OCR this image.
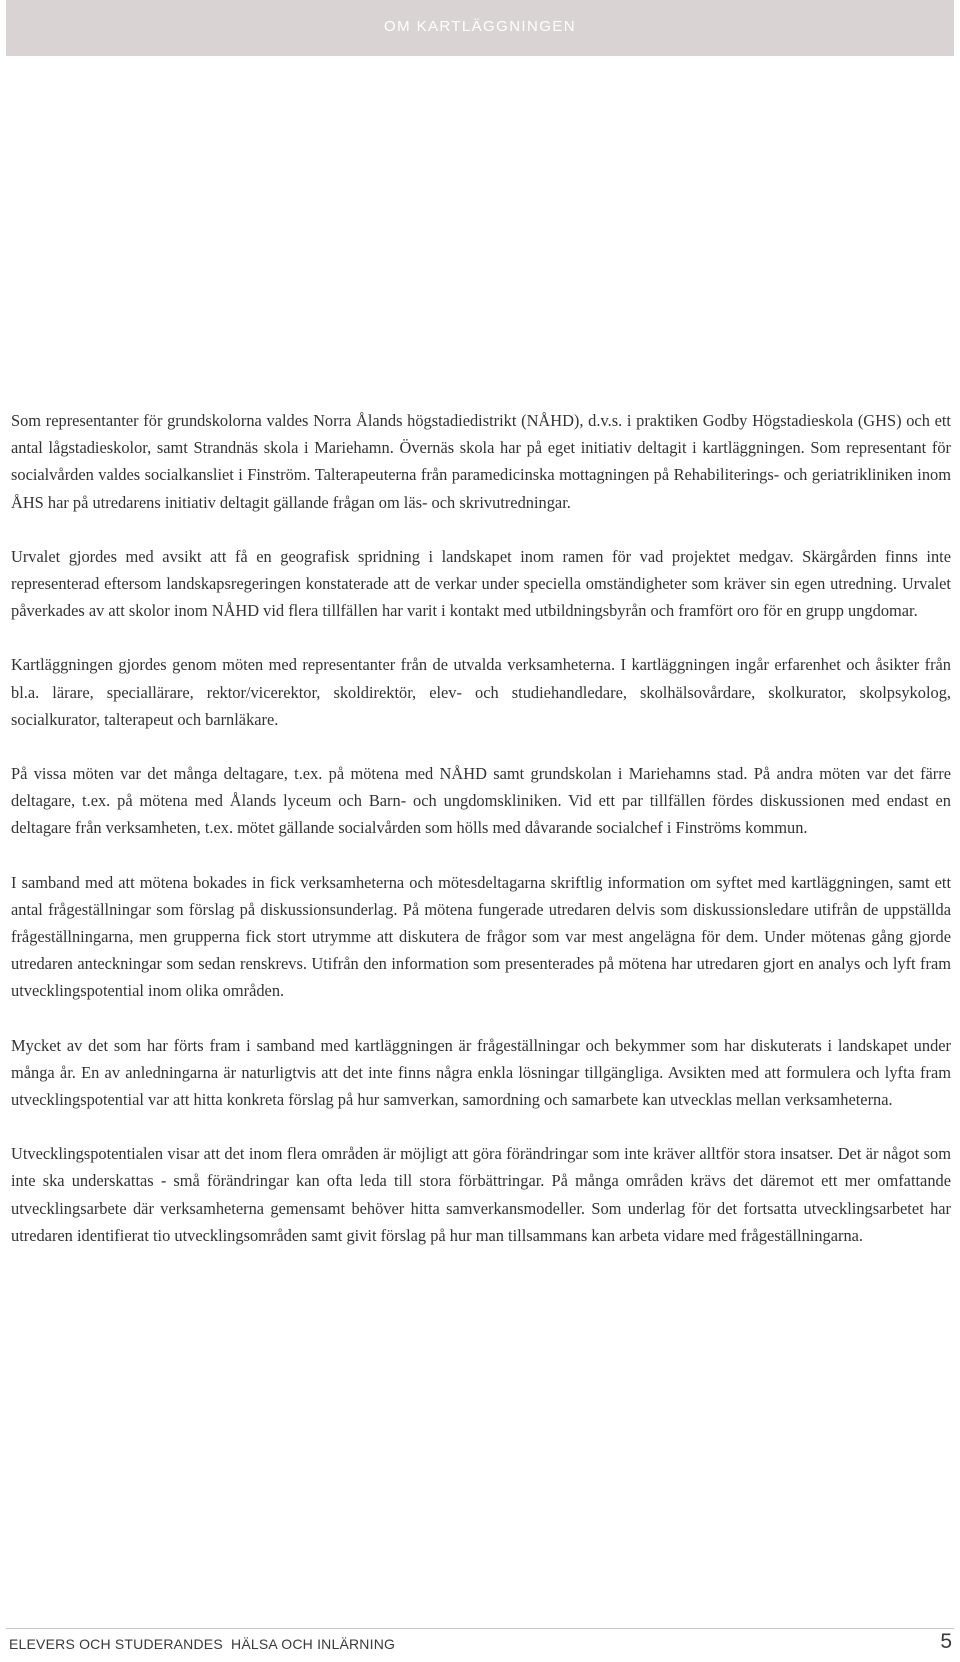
OM KARTLÄGGNINGEN

Som representanter för grundskolorna valdes Norra Ålands högstadiedistrikt (NÅHD), d.v.s. i praktiken Godby Högstadieskola (GHS) och ett antal lågstadieskolor, samt Strandnäs skola i Mariehamn. Övernäs skola har på eget initiativ deltagit i kartläggningen. Som representant för socialvården valdes socialkansliet i Finström. Talterapeuterna från paramedicinska mottagningen på Rehabiliterings- och geriatrikliniken inom ÅHS har på utredarens initiativ deltagit gällande frågan om läs- och skrivutredningar.

Urvalet gjordes med avsikt att få en geografisk spridning i landskapet inom ramen för vad projektet medgav. Skärgården finns inte representerad eftersom landskapsregeringen konstaterade att de verkar under speciella omständigheter som kräver sin egen utredning. Urvalet påverkades av att skolor inom NÅHD vid flera tillfällen har varit i kontakt med utbildningsbyrån och framfört oro för en grupp ungdomar.

Kartläggningen gjordes genom möten med representanter från de utvalda verksamheterna. I kartläggningen ingår erfarenhet och åsikter från bl.a. lärare, speciallärare, rektor/vicerektor, skoldirektör, elev- och studiehandledare, skolhälsovårdare, skolkurator, skolpsykolog, socialkurator, talterapeut och barnläkare.

På vissa möten var det många deltagare, t.ex. på mötena med NÅHD samt grundskolan i Mariehamns stad. På andra möten var det färre deltagare, t.ex. på mötena med Ålands lyceum och Barn- och ungdomskliniken. Vid ett par tillfällen fördes diskussionen med endast en deltagare från verksamheten, t.ex. mötet gällande socialvården som hölls med dåvarande socialchef i Finströms kommun.

I samband med att mötena bokades in fick verksamheterna och mötesdeltagarna skriftlig information om syftet med kartläggningen, samt ett antal frågeställningar som förslag på diskussionsunderlag. På mötena fungerade utredaren delvis som diskussionsledare utifrån de uppställda frågeställningarna, men grupperna fick stort utrymme att diskutera de frågor som var mest angelägna för dem. Under mötenas gång gjorde utredaren anteckningar som sedan renskrevs. Utifrån den information som presenterades på mötena har utredaren gjort en analys och lyft fram utvecklingspotential inom olika områden.

Mycket av det som har förts fram i samband med kartläggningen är frågeställningar och bekymmer som har diskuterats i landskapet under många år. En av anledningarna är naturligtvis att det inte finns några enkla lösningar tillgängliga. Avsikten med att formulera och lyfta fram utvecklingspotential var att hitta konkreta förslag på hur samverkan, samordning och samarbete kan utvecklas mellan verksamheterna.

Utvecklingspotentialen visar att det inom flera områden är möjligt att göra förändringar som inte kräver alltför stora insatser. Det är något som inte ska underskattas - små förändringar kan ofta leda till stora förbättringar. På många områden krävs det däremot ett mer omfattande utvecklingsarbete där verksamheterna gemensamt behöver hitta samverkansmodeller. Som underlag för det fortsatta utvecklingsarbetet har utredaren identifierat tio utvecklingsområden samt givit förslag på hur man tillsammans kan arbeta vidare med frågeställningarna.

ELEVERS OCH STUDERANDES  HÄLSA OCH INLÄRNING	5
